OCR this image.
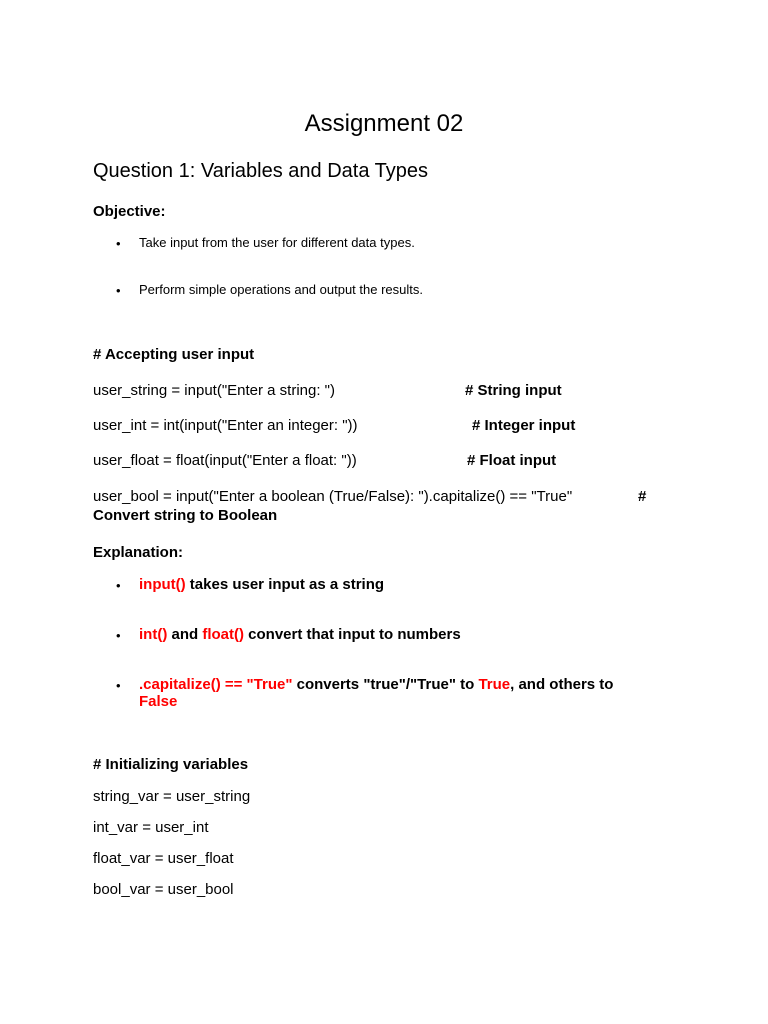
Assignment 02
Question 1: Variables and Data Types
Objective:
• Take input from the user for different data types.
• Perform simple operations and output the results.
# Accepting user input
user_string = input("Enter a string: ")	# String input
user_int = int(input("Enter an integer: "))	# Integer input
user_float = float(input("Enter a float: "))	# Float input
user_bool = input("Enter a boolean (True/False): ").capitalize() == "True"	#
Convert string to Boolean
Explanation:
• input() takes user input as a string
• int() and float() convert that input to numbers
• .capitalize() == "True" converts "true"/"True" to True, and others to
False
# Initializing variables
string_var = user_string
int_var = user_int
float_var = user_float
bool_var = user_bool
